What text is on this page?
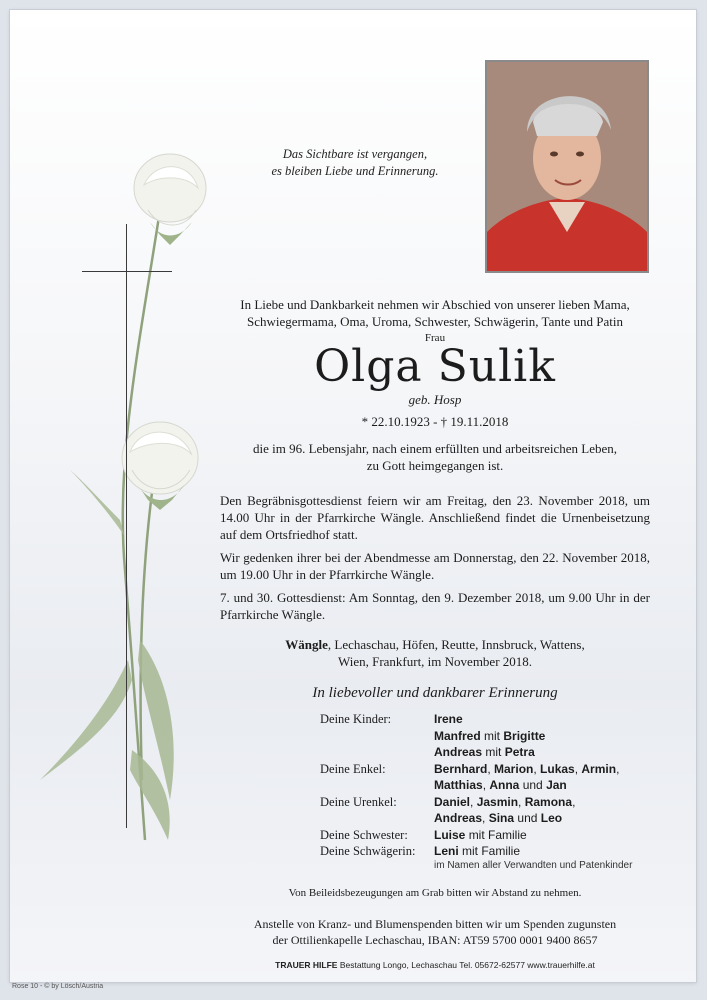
Das Sichtbare ist vergangen,
es bleiben Liebe und Erinnerung.
In Liebe und Dankbarkeit nehmen wir Abschied von unserer lieben Mama,
Schwiegermama, Oma, Uroma, Schwester, Schwägerin, Tante und Patin
Frau
Olga Sulik
geb. Hosp
* 22.10.1923 - † 19.11.2018
die im 96. Lebensjahr, nach einem erfüllten und arbeitsreichen Leben,
zu Gott heimgegangen ist.
Den Begräbnisgottesdienst feiern wir am Freitag, den 23. November 2018, um 14.00 Uhr in der Pfarrkirche Wängle. Anschließend findet die Urnenbeisetzung auf dem Ortsfriedhof statt.
Wir gedenken ihrer bei der Abendmesse am Donnerstag, den 22. November 2018, um 19.00 Uhr in der Pfarrkirche Wängle.
7. und 30. Gottesdienst: Am Sonntag, den 9. Dezember 2018, um 9.00 Uhr in der Pfarrkirche Wängle.
Wängle, Lechaschau, Höfen, Reutte, Innsbruck, Wattens,
Wien, Frankfurt, im November 2018.
In liebevoller und dankbarer Erinnerung
Deine Kinder:	Irene
Manfred mit Brigitte
Andreas mit Petra
Deine Enkel:	Bernhard, Marion, Lukas, Armin,
Matthias, Anna und Jan
Deine Urenkel:	Daniel, Jasmin, Ramona,
Andreas, Sina und Leo
Deine Schwester:	Luise mit Familie
Deine Schwägerin:	Leni mit Familie
im Namen aller Verwandten und Patenkinder
Von Beileidsbezeugungen am Grab bitten wir Abstand zu nehmen.
Anstelle von Kranz- und Blumenspenden bitten wir um Spenden zugunsten
der Ottilienkapelle Lechaschau, IBAN: AT59 5700 0001 9400 8657
TRAUER HILFE Bestattung Longo, Lechaschau Tel. 05672-62577 www.trauerhilfe.at
Rose 10 - © by Lösch/Austria
